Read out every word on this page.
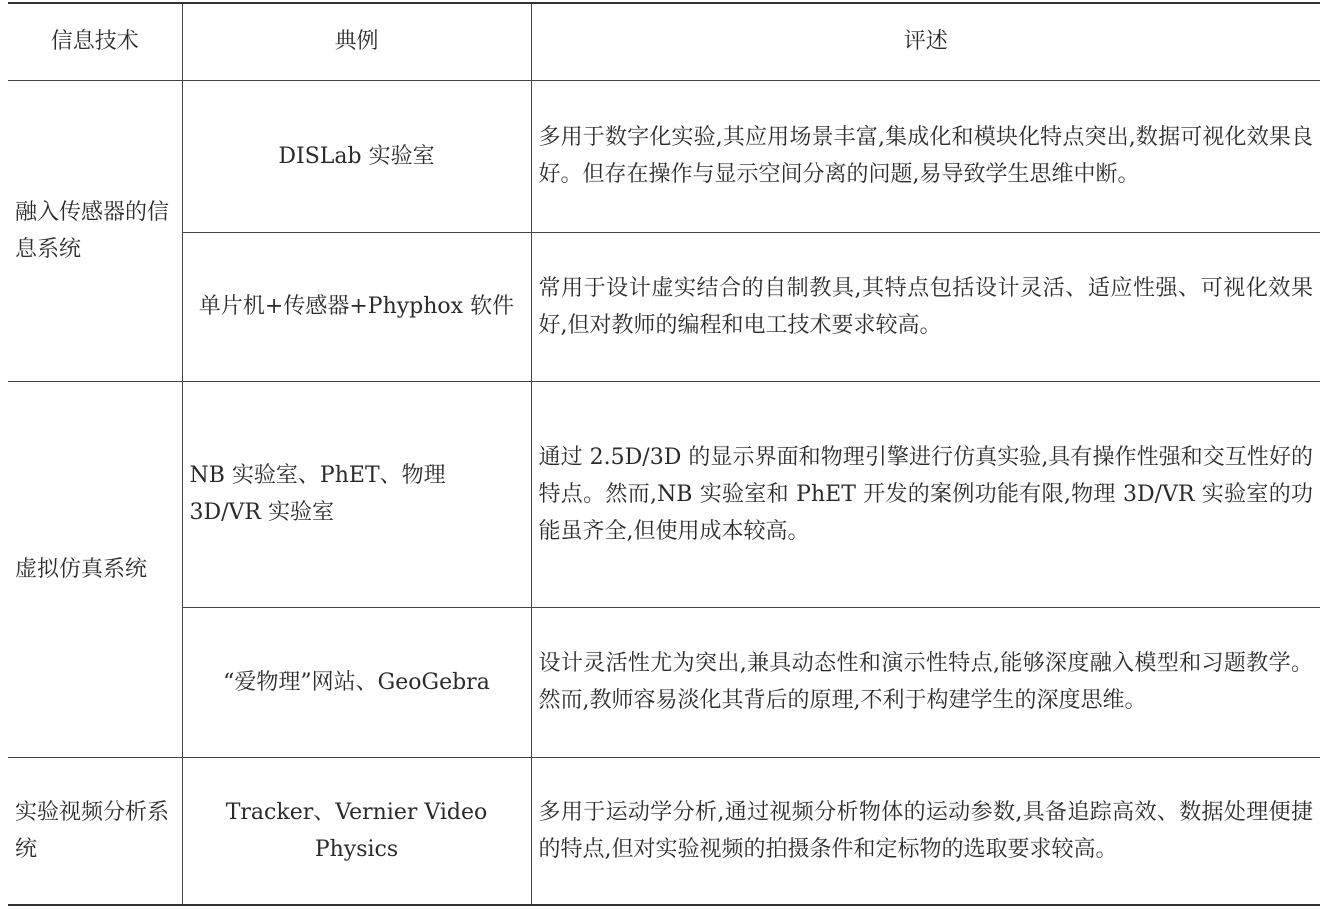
信息技术	典例	评述
融入传感器的信息系统	DISLab 实验室	多用于数字化实验,其应用场景丰富,集成化和模块化特点突出,数据可视化效果良好。但存在操作与显示空间分离的问题,易导致学生思维中断。
	单片机+传感器+Phyphox 软件	常用于设计虚实结合的自制教具,其特点包括设计灵活、适应性强、可视化效果好,但对教师的编程和电工技术要求较高。
虚拟仿真系统	NB 实验室、PhET、物理 3D/VR 实验室	通过 2.5D/3D 的显示界面和物理引擎进行仿真实验,具有操作性强和交互性好的特点。然而,NB 实验室和 PhET 开发的案例功能有限,物理 3D/VR 实验室的功能虽齐全,但使用成本较高。
	“爱物理”网站、GeoGebra	设计灵活性尤为突出,兼具动态性和演示性特点,能够深度融入模型和习题教学。然而,教师容易淡化其背后的原理,不利于构建学生的深度思维。
实验视频分析系统	Tracker、Vernier Video Physics	多用于运动学分析,通过视频分析物体的运动参数,具备追踪高效、数据处理便捷的特点,但对实验视频的拍摄条件和定标物的选取要求较高。
